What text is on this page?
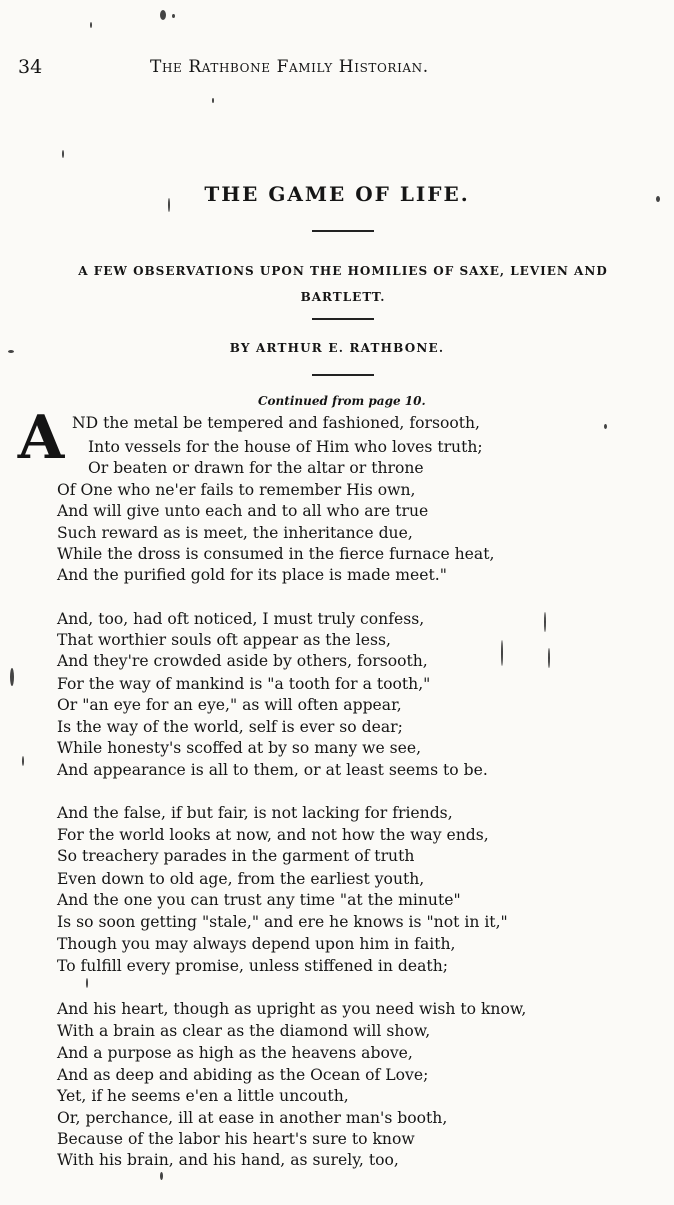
34	The Rathbone Family Historian.
THE GAME OF LIFE.
A FEW OBSERVATIONS UPON THE HOMILIES OF SAXE, LEVIEN AND BARTLETT.
BY ARTHUR E. RATHBONE.
Continued from page 10.
A ND the metal be tempered and fashioned, forsooth,
Into vessels for the house of Him who loves truth;
Or beaten or drawn for the altar or throne
Of One who ne'er fails to remember His own,
And will give unto each and to all who are true
Such reward as is meet, the inheritance due,
While the dross is consumed in the fierce furnace heat,
And the purified gold for its place is made meet."
And, too, had oft noticed, I must truly confess,
That worthier souls oft appear as the less,
And they're crowded aside by others, forsooth,
For the way of mankind is "a tooth for a tooth,"
Or "an eye for an eye," as will often appear,
Is the way of the world, self is ever so dear;
While honesty's scoffed at by so many we see,
And appearance is all to them, or at least seems to be.
And the false, if but fair, is not lacking for friends,
For the world looks at now, and not how the way ends,
So treachery parades in the garment of truth
Even down to old age, from the earliest youth,
And the one you can trust any time "at the minute"
Is so soon getting "stale," and ere he knows is "not in it,"
Though you may always depend upon him in faith,
To fulfill every promise, unless stiffened in death;
And his heart, though as upright as you need wish to know,
With a brain as clear as the diamond will show,
And a purpose as high as the heavens above,
And as deep and abiding as the Ocean of Love;
Yet, if he seems e'en a little uncouth,
Or, perchance, ill at ease in another man's booth,
Because of the labor his heart's sure to know
With his brain, and his hand, as surely, too,
